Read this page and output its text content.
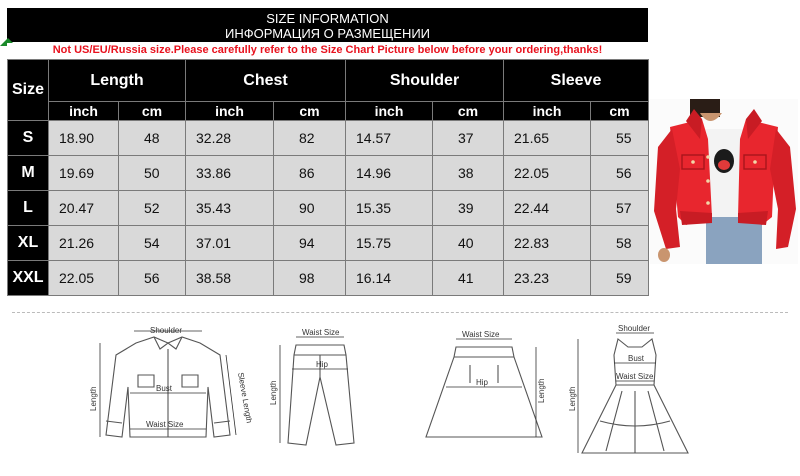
SIZE INFORMATION
ИНФОРМАЦИЯ О РАЗМЕЩЕНИИ
Not US/EU/Russia size.Please carefully refer to the Size Chart Picture below before your ordering,thanks!
Size	Length		Chest		Shoulder		Sleeve	
	inch	cm	inch	cm	inch	cm	inch	cm
S	18.90	48	32.28	82	14.57	37	21.65	55
M	19.69	50	33.86	86	14.96	38	22.05	56
L	20.47	52	35.43	90	15.35	39	22.44	57
XL	21.26	54	37.01	94	15.75	40	22.83	58
XXL	22.05	56	38.58	98	16.14	41	23.23	59
Shoulder
Bust
Waist Size
Length	Sleeve Length
Waist Size
Hip
Length
Waist Size
Hip	Length
Shoulder
Bust
Waist Size
Length
